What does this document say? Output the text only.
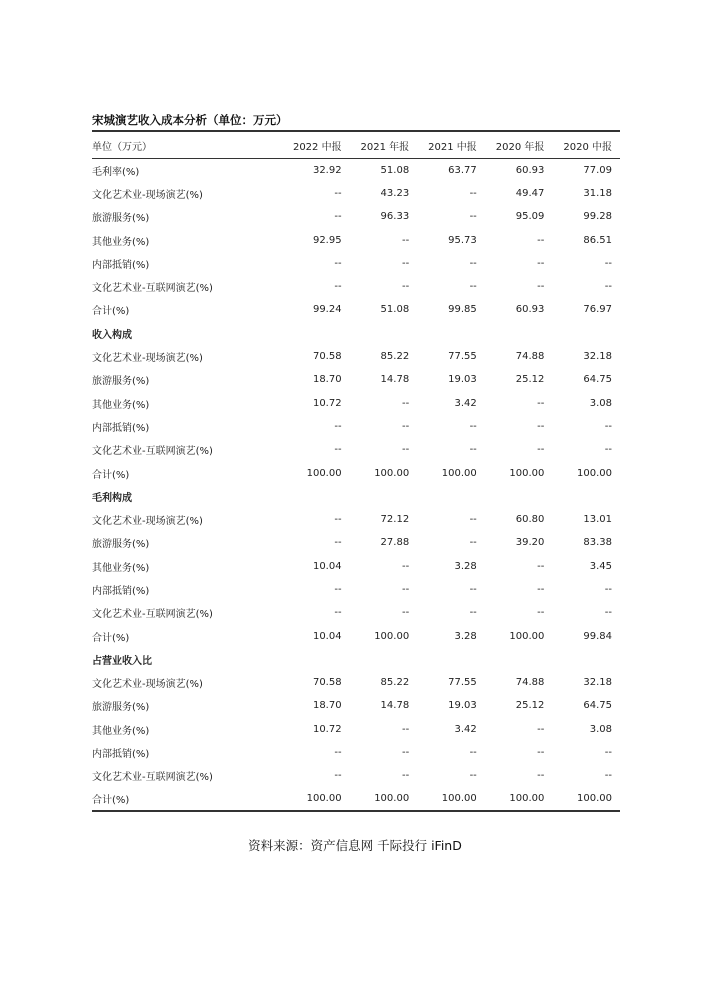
宋城演艺收入成本分析（单位：万元）
单位（万元）	2022 中报	2021 年报	2021 中报	2020 年报	2020 中报
毛利率(%)	32.92	51.08	63.77	60.93	77.09
文化艺术业-现场演艺(%)	--	43.23	--	49.47	31.18
旅游服务(%)	--	96.33	--	95.09	99.28
其他业务(%)	92.95	--	95.73	--	86.51
内部抵销(%)	--	--	--	--	--
文化艺术业-互联网演艺(%)	--	--	--	--	--
合计(%)	99.24	51.08	99.85	60.93	76.97
收入构成					
文化艺术业-现场演艺(%)	70.58	85.22	77.55	74.88	32.18
旅游服务(%)	18.70	14.78	19.03	25.12	64.75
其他业务(%)	10.72	--	3.42	--	3.08
内部抵销(%)	--	--	--	--	--
文化艺术业-互联网演艺(%)	--	--	--	--	--
合计(%)	100.00	100.00	100.00	100.00	100.00
毛利构成					
文化艺术业-现场演艺(%)	--	72.12	--	60.80	13.01
旅游服务(%)	--	27.88	--	39.20	83.38
其他业务(%)	10.04	--	3.28	--	3.45
内部抵销(%)	--	--	--	--	--
文化艺术业-互联网演艺(%)	--	--	--	--	--
合计(%)	10.04	100.00	3.28	100.00	99.84
占营业收入比					
文化艺术业-现场演艺(%)	70.58	85.22	77.55	74.88	32.18
旅游服务(%)	18.70	14.78	19.03	25.12	64.75
其他业务(%)	10.72	--	3.42	--	3.08
内部抵销(%)	--	--	--	--	--
文化艺术业-互联网演艺(%)	--	--	--	--	--
合计(%)	100.00	100.00	100.00	100.00	100.00
资料来源：资产信息网 千际投行 iFinD
